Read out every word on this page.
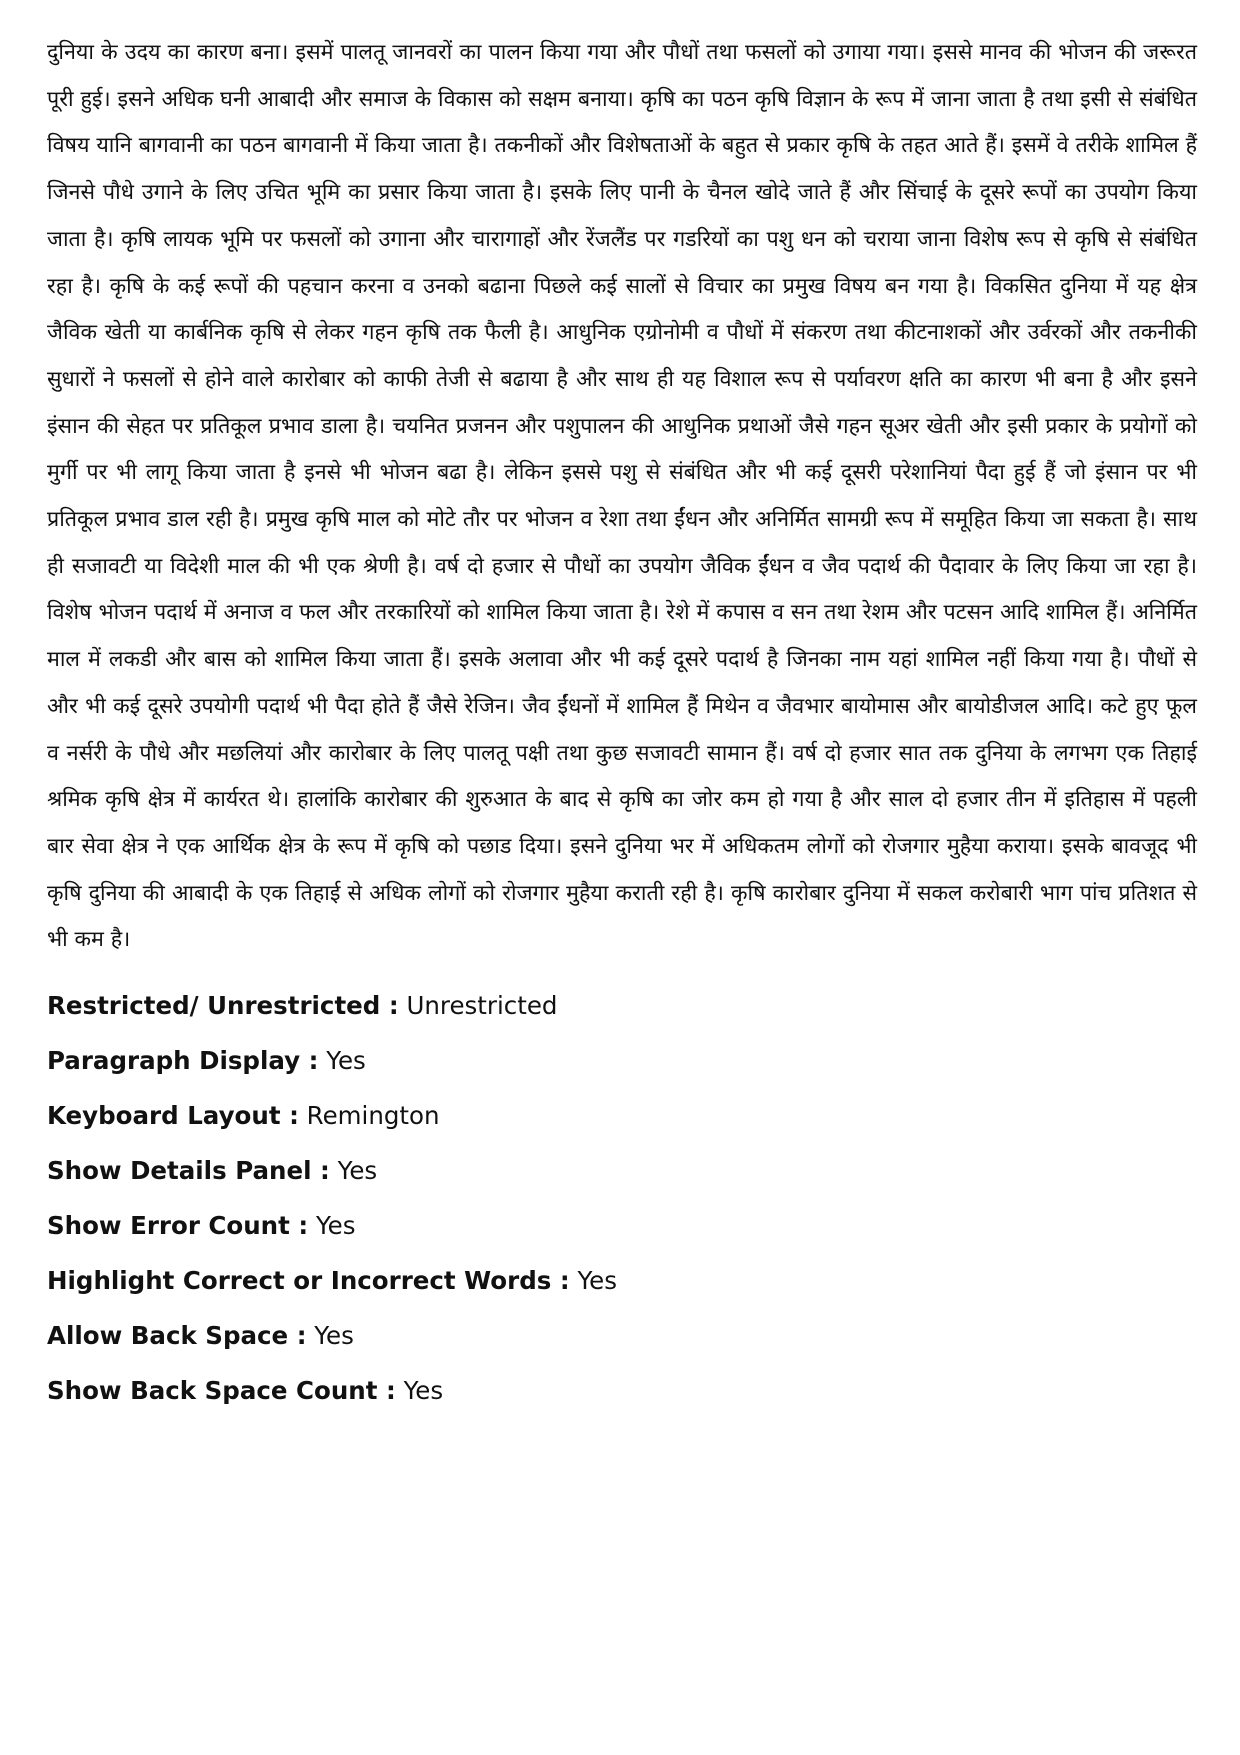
दुनिया के उदय का कारण बना। इसमें पालतू जानवरों का पालन किया गया और पौधों तथा फसलों को उगाया गया। इससे मानव की भोजन की जरूरत पूरी हुई। इसने अधिक घनी आबादी और समाज के विकास को सक्षम बनाया। कृषि का पठन कृषि विज्ञान के रूप में जाना जाता है तथा इसी से संबंधित विषय यानि बागवानी का पठन बागवानी में किया जाता है। तकनीकों और विशेषताओं के बहुत से प्रकार कृषि के तहत आते हैं। इसमें वे तरीके शामिल हैं जिनसे पौधे उगाने के लिए उचित भूमि का प्रसार किया जाता है। इसके लिए पानी के चैनल खोदे जाते हैं और सिंचाई के दूसरे रूपों का उपयोग किया जाता है। कृषि लायक भूमि पर फसलों को उगाना और चारागाहों और रेंजलैंड पर गडरियों का पशु धन को चराया जाना विशेष रूप से कृषि से संबंधित रहा है। कृषि के कई रूपों की पहचान करना व उनको बढाना पिछले कई सालों से विचार का प्रमुख विषय बन गया है। विकसित दुनिया में यह क्षेत्र जैविक खेती या कार्बनिक कृषि से लेकर गहन कृषि तक फैली है। आधुनिक एग्रोनोमी व पौधों में संकरण तथा कीटनाशकों और उर्वरकों और तकनीकी सुधारों ने फसलों से होने वाले कारोबार को काफी तेजी से बढाया है और साथ ही यह विशाल रूप से पर्यावरण क्षति का कारण भी बना है और इसने इंसान की सेहत पर प्रतिकूल प्रभाव डाला है। चयनित प्रजनन और पशुपालन की आधुनिक प्रथाओं जैसे गहन सूअर खेती और इसी प्रकार के प्रयोगों को मुर्गी पर भी लागू किया जाता है इनसे भी भोजन बढा है। लेकिन इससे पशु से संबंधित और भी कई दूसरी परेशानियां पैदा हुई हैं जो इंसान पर भी प्रतिकूल प्रभाव डाल रही है। प्रमुख कृषि माल को मोटे तौर पर भोजन व रेशा तथा ईंधन और अनिर्मित सामग्री रूप में समूहित किया जा सकता है। साथ ही सजावटी या विदेशी माल की भी एक श्रेणी है। वर्ष दो हजार से पौधों का उपयोग जैविक ईंधन व जैव पदार्थ की पैदावार के लिए किया जा रहा है। विशेष भोजन पदार्थ में अनाज व फल और तरकारियों को शामिल किया जाता है। रेशे में कपास व सन तथा रेशम और पटसन आदि शामिल हैं। अनिर्मित माल में लकडी और बास को शामिल किया जाता हैं। इसके अलावा और भी कई दूसरे पदार्थ है जिनका नाम यहां शामिल नहीं किया गया है। पौधों से और भी कई दूसरे उपयोगी पदार्थ भी पैदा होते हैं जैसे रेजिन। जैव ईंधनों में शामिल हैं मिथेन व जैवभार बायोमास और बायोडीजल आदि। कटे हुए फूल व नर्सरी के पौधे और मछलियां और कारोबार के लिए पालतू पक्षी तथा कुछ सजावटी सामान हैं। वर्ष दो हजार सात तक दुनिया के लगभग एक तिहाई श्रमिक कृषि क्षेत्र में कार्यरत थे। हालांकि कारोबार की शुरुआत के बाद से कृषि का जोर कम हो गया है और साल दो हजार तीन में इतिहास में पहली बार सेवा क्षेत्र ने एक आर्थिक क्षेत्र के रूप में कृषि को पछाड दिया। इसने दुनिया भर में अधिकतम लोगों को रोजगार मुहैया कराया। इसके बावजूद भी कृषि दुनिया की आबादी के एक तिहाई से अधिक लोगों को रोजगार मुहैया कराती रही है। कृषि कारोबार दुनिया में सकल करोबारी भाग पांच प्रतिशत से भी कम है।

Restricted/ Unrestricted : Unrestricted
Paragraph Display : Yes
Keyboard Layout : Remington
Show Details Panel : Yes
Show Error Count : Yes
Highlight Correct or Incorrect Words : Yes
Allow Back Space : Yes
Show Back Space Count : Yes
